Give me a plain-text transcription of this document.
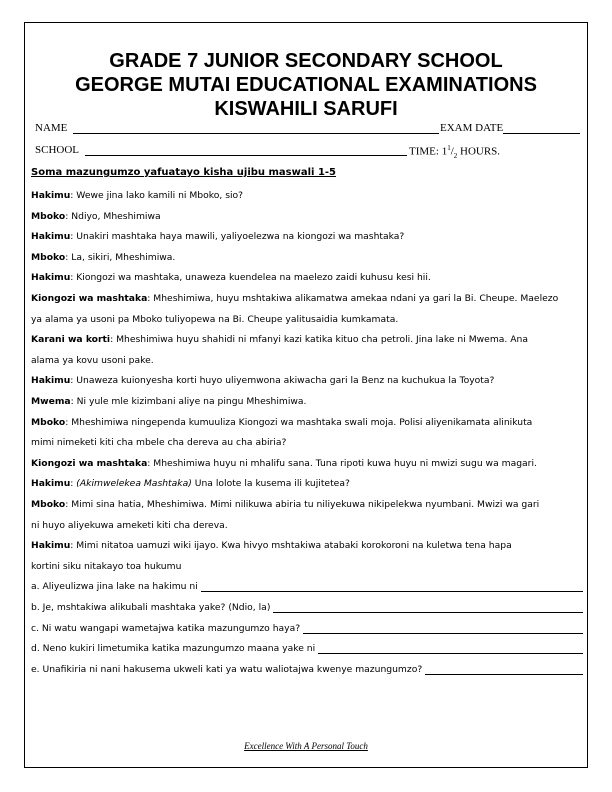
GRADE 7 JUNIOR SECONDARY SCHOOL
GEORGE MUTAI EDUCATIONAL EXAMINATIONS
KISWAHILI SARUFI
NAME	EXAM DATE
SCHOOL	TIME: $1^1/_2$ HOURS.
Soma mazungumzo yafuatayo kisha ujibu maswali 1-5
Hakimu: Wewe jina lako kamili ni Mboko, sio?
Mboko: Ndiyo, Mheshimiwa
Hakimu: Unakiri mashtaka haya mawili, yaliyoelezwa na kiongozi wa mashtaka?
Mboko: La, sikiri, Mheshimiwa.
Hakimu: Kiongozi wa mashtaka, unaweza kuendelea na maelezo zaidi kuhusu kesi hii.
Kiongozi wa mashtaka: Mheshimiwa, huyu mshtakiwa alikamatwa amekaa ndani ya gari la Bi. Cheupe. Maelezo
ya alama ya usoni pa Mboko tuliyopewa na Bi. Cheupe yalitusaidia kumkamata.
Karani wa korti: Mheshimiwa huyu shahidi ni mfanyi kazi katika kituo cha petroli. Jina lake ni Mwema. Ana
alama ya kovu usoni pake.
Hakimu: Unaweza kuionyesha korti huyo uliyemwona akiwacha gari la Benz na kuchukua la Toyota?
Mwema: Ni yule mle kizimbani aliye na pingu Mheshimiwa.
Mboko: Mheshimiwa ningependa kumuuliza Kiongozi wa mashtaka swali moja. Polisi aliyenikamata alinikuta
mimi nimeketi kiti cha mbele cha dereva au cha abiria?
Kiongozi wa mashtaka: Mheshimiwa huyu ni mhalifu sana. Tuna ripoti kuwa huyu ni mwizi sugu wa magari.
Hakimu: (Akimwelekea Mashtaka) Una lolote la kusema ili kujitetea?
Mboko: Mimi sina hatia, Mheshimiwa. Mimi nilikuwa abiria tu niliyekuwa nikipelekwa nyumbani. Mwizi wa gari
ni huyo aliyekuwa ameketi kiti cha dereva.
Hakimu: Mimi nitatoa uamuzi wiki ijayo. Kwa hivyo mshtakiwa atabaki korokoroni na kuletwa tena hapa
kortini siku nitakayo toa hukumu
a. Aliyeulizwa jina lake na hakimu ni
b. Je, mshtakiwa alikubali mashtaka yake? (Ndio, la)
c. Ni watu wangapi wametajwa katika mazungumzo haya?
d. Neno kukiri limetumika katika mazungumzo maana yake ni
e. Unafikiria ni nani hakusema ukweli kati ya watu waliotajwa kwenye mazungumzo?
Excellence With A Personal Touch
